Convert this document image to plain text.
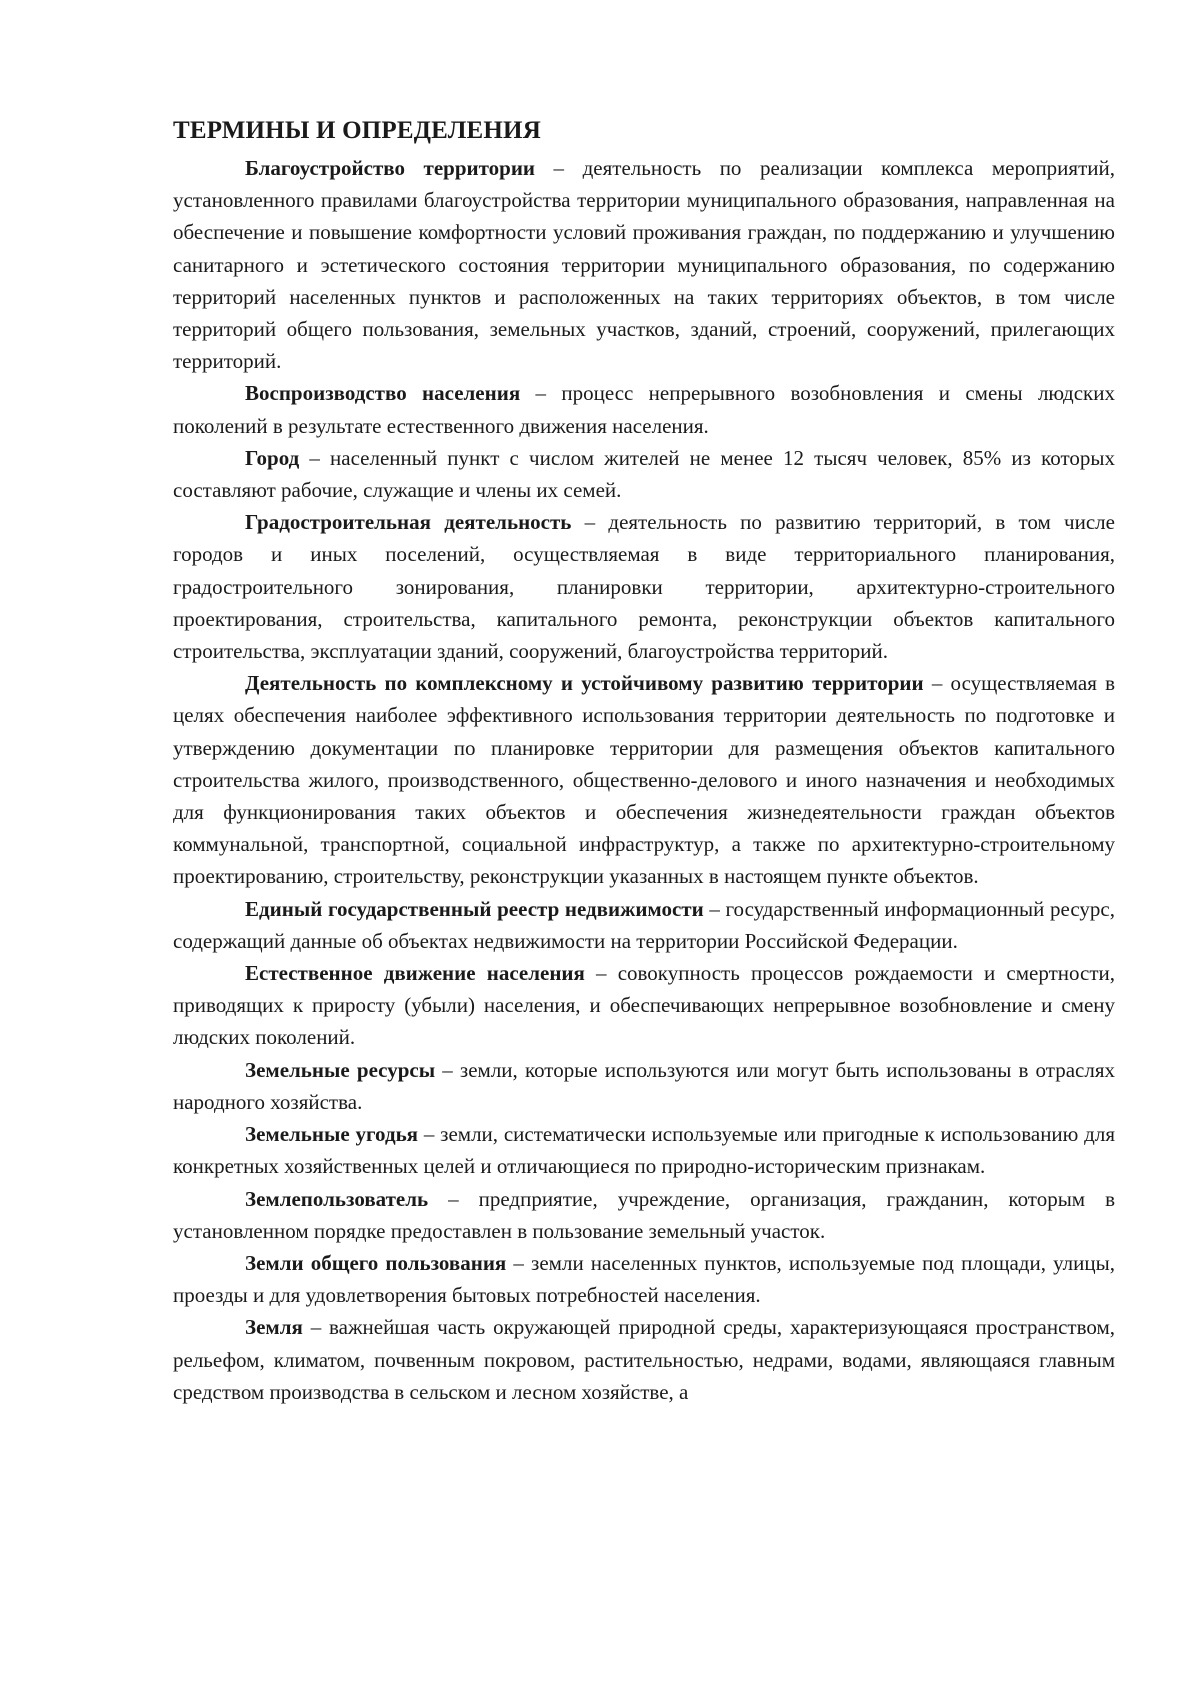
ТЕРМИНЫ И ОПРЕДЕЛЕНИЯ

Благоустройство территории – деятельность по реализации комплекса мероприятий, установленного правилами благоустройства территории муниципального образования, направленная на обеспечение и повышение комфортности условий проживания граждан, по поддержанию и улучшению санитарного и эстетического состояния территории муниципального образования, по содержанию территорий населенных пунктов и расположенных на таких территориях объектов, в том числе территорий общего пользования, земельных участков, зданий, строений, сооружений, прилегающих территорий.

Воспроизводство населения – процесс непрерывного возобновления и смены людских поколений в результате естественного движения населения.

Город – населенный пункт с числом жителей не менее 12 тысяч человек, 85% из которых составляют рабочие, служащие и члены их семей.

Градостроительная деятельность – деятельность по развитию территорий, в том числе городов и иных поселений, осуществляемая в виде территориального планирования, градостроительного зонирования, планировки территории, архитектурно-строительного проектирования, строительства, капитального ремонта, реконструкции объектов капитального строительства, эксплуатации зданий, сооружений, благоустройства территорий.

Деятельность по комплексному и устойчивому развитию территории – осуществляемая в целях обеспечения наиболее эффективного использования территории деятельность по подготовке и утверждению документации по планировке территории для размещения объектов капитального строительства жилого, производственного, общественно-делового и иного назначения и необходимых для функционирования таких объектов и обеспечения жизнедеятельности граждан объектов коммунальной, транспортной, социальной инфраструктур, а также по архитектурно-строительному проектированию, строительству, реконструкции указанных в настоящем пункте объектов.

Единый государственный реестр недвижимости – государственный информационный ресурс, содержащий данные об объектах недвижимости на территории Российской Федерации.

Естественное движение населения – совокупность процессов рождаемости и смертности, приводящих к приросту (убыли) населения, и обеспечивающих непрерывное возобновление и смену людских поколений.

Земельные ресурсы – земли, которые используются или могут быть использованы в отраслях народного хозяйства.

Земельные угодья – земли, систематически используемые или пригодные к использованию для конкретных хозяйственных целей и отличающиеся по природно-историческим признакам.

Землепользователь – предприятие, учреждение, организация, гражданин, которым в установленном порядке предоставлен в пользование земельный участок.

Земли общего пользования – земли населенных пунктов, используемые под площади, улицы, проезды и для удовлетворения бытовых потребностей населения.

Земля – важнейшая часть окружающей природной среды, характеризующаяся пространством, рельефом, климатом, почвенным покровом, растительностью, недрами, водами, являющаяся главным средством производства в сельском и лесном хозяйстве, а
